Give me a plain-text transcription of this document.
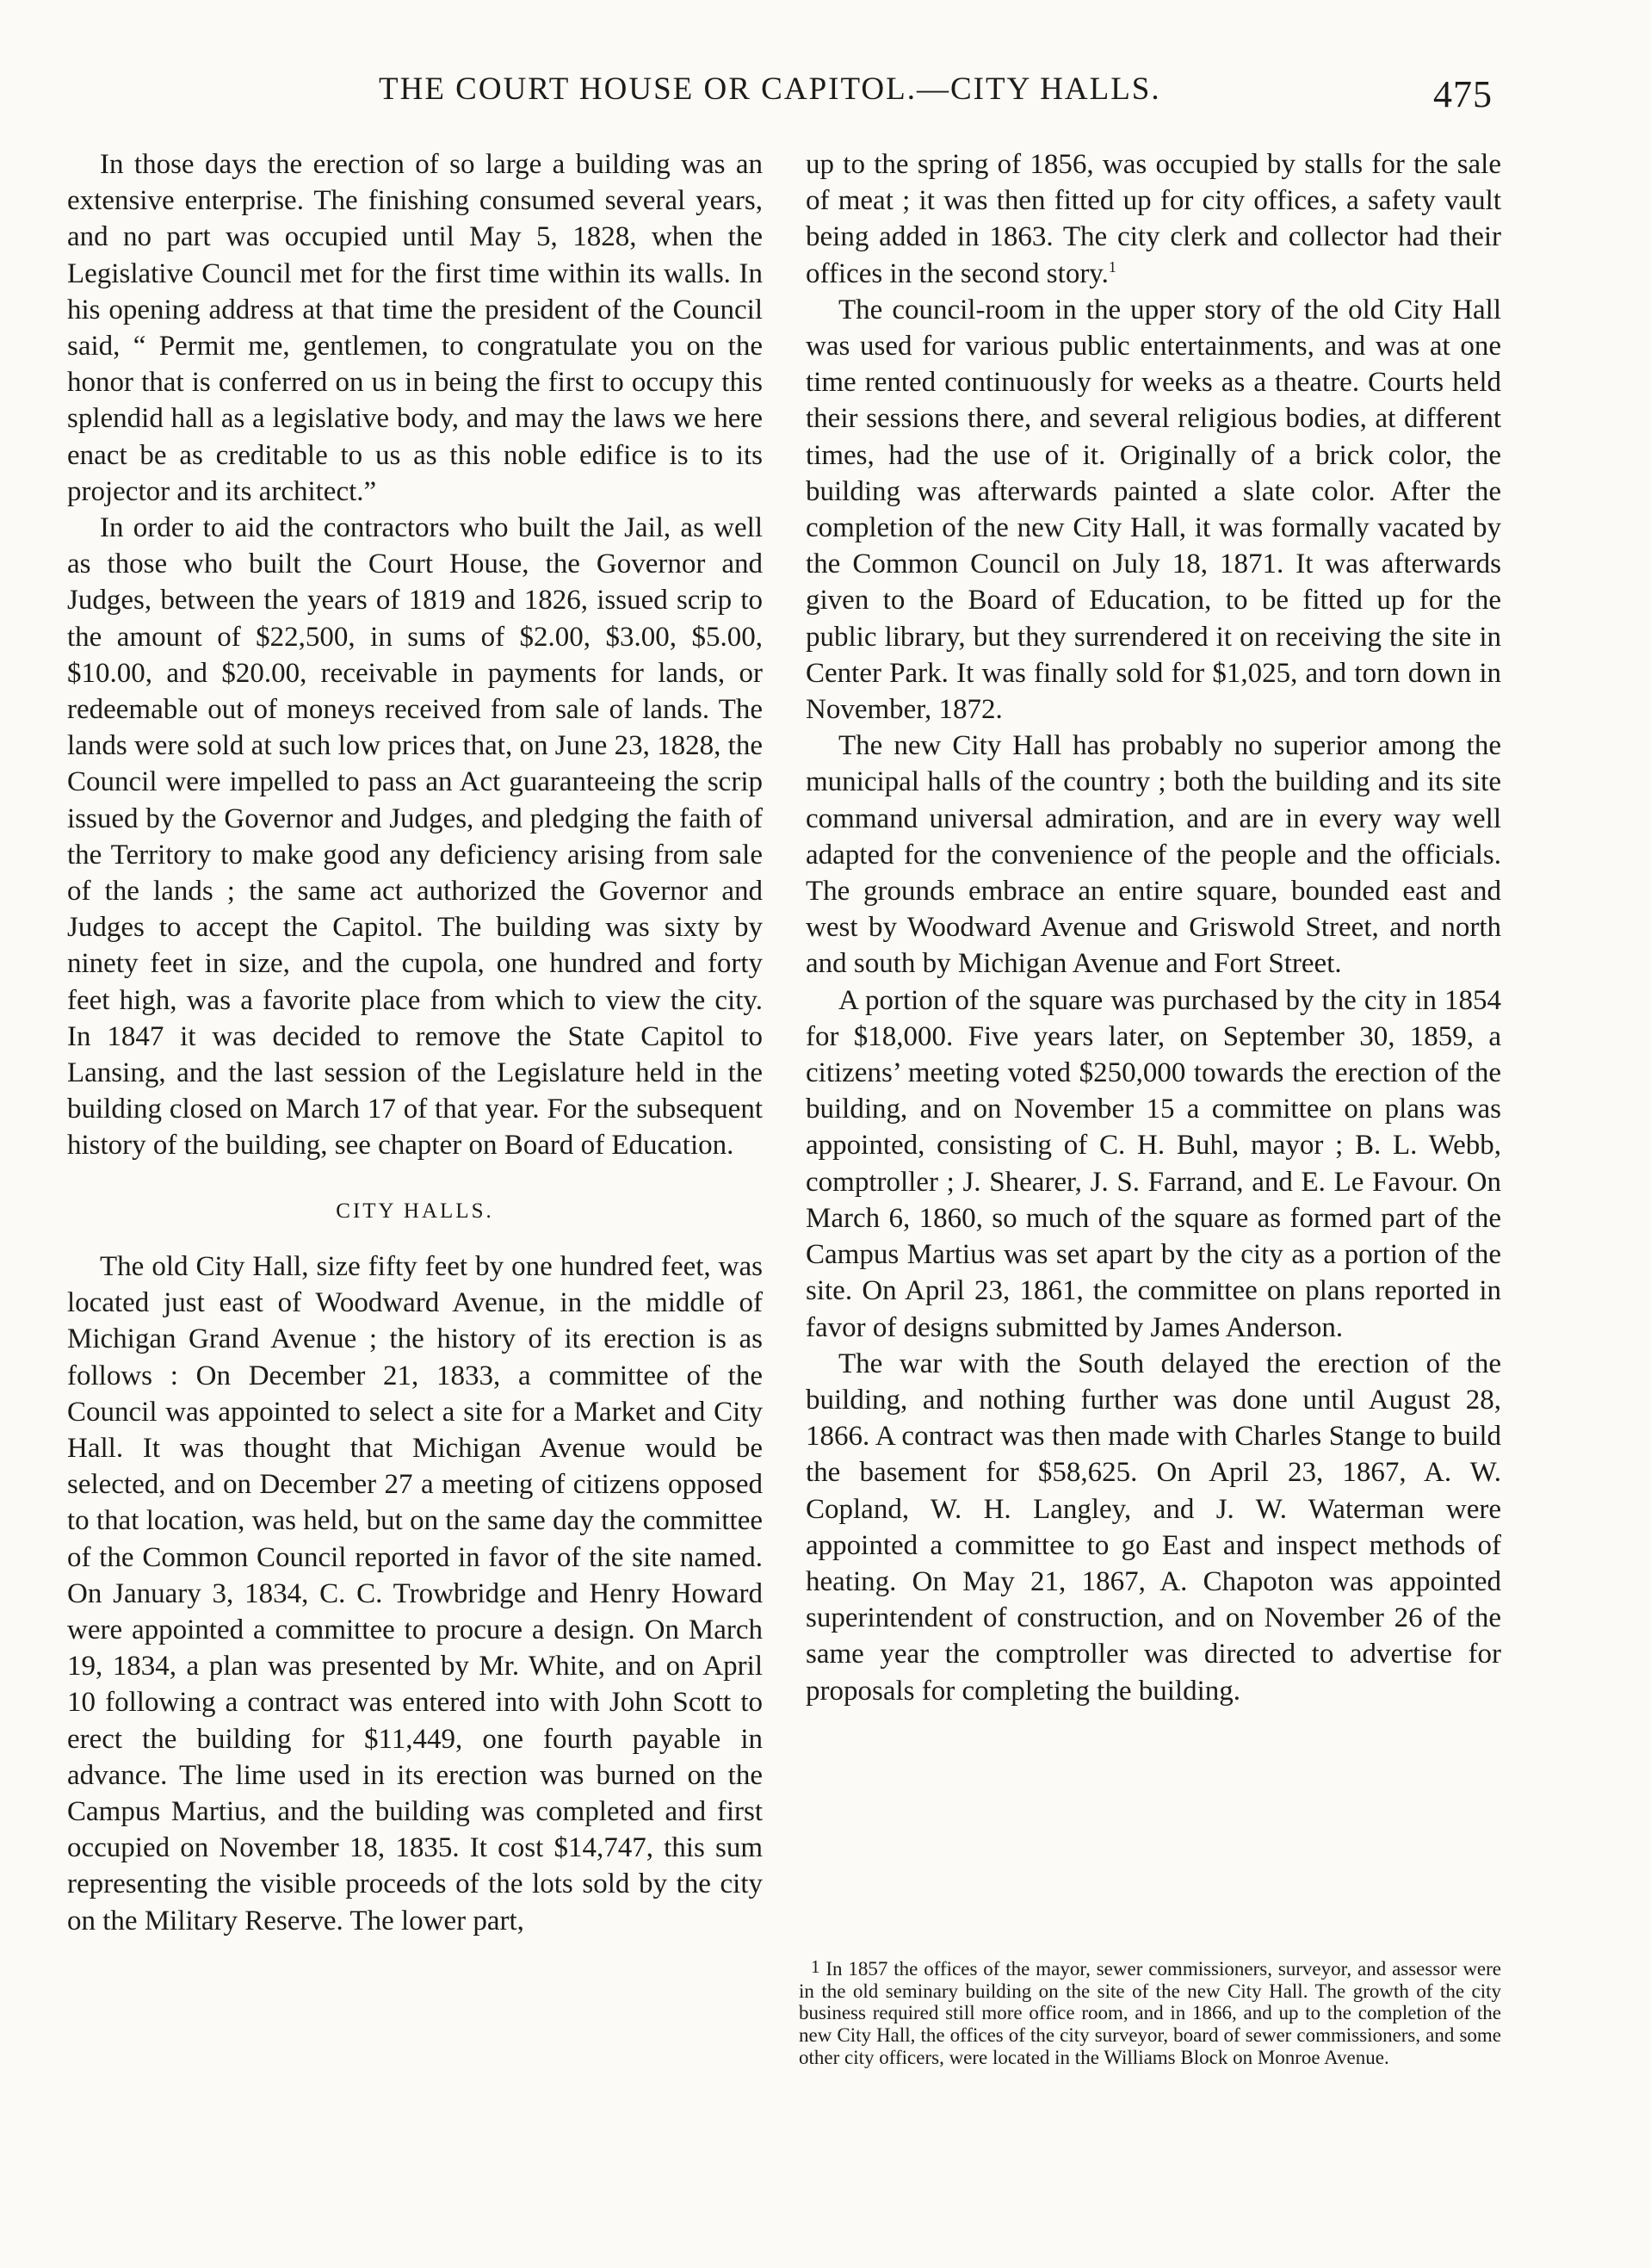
THE COURT HOUSE OR CAPITOL.—CITY HALLS.	475

In those days the erection of so large a building was an extensive enterprise. The finishing consumed several years, and no part was occupied until May 5, 1828, when the Legislative Council met for the first time within its walls. In his opening address at that time the president of the Council said, “ Permit me, gentlemen, to congratulate you on the honor that is conferred on us in being the first to occupy this splendid hall as a legislative body, and may the laws we here enact be as creditable to us as this noble edifice is to its projector and its architect.”

In order to aid the contractors who built the Jail, as well as those who built the Court House, the Governor and Judges, between the years of 1819 and 1826, issued scrip to the amount of $22,500, in sums of $2.00, $3.00, $5.00, $10.00, and $20.00, receivable in payments for lands, or redeemable out of moneys received from sale of lands. The lands were sold at such low prices that, on June 23, 1828, the Council were impelled to pass an Act guaranteeing the scrip issued by the Governor and Judges, and pledging the faith of the Territory to make good any deficiency arising from sale of the lands ; the same act authorized the Governor and Judges to accept the Capitol. The building was sixty by ninety feet in size, and the cupola, one hundred and forty feet high, was a favorite place from which to view the city. In 1847 it was decided to remove the State Capitol to Lansing, and the last session of the Legislature held in the building closed on March 17 of that year. For the subsequent history of the building, see chapter on Board of Education.

CITY HALLS.

The old City Hall, size fifty feet by one hundred feet, was located just east of Woodward Avenue, in the middle of Michigan Grand Avenue ; the history of its erection is as follows : On December 21, 1833, a committee of the Council was appointed to select a site for a Market and City Hall. It was thought that Michigan Avenue would be selected, and on December 27 a meeting of citizens opposed to that location, was held, but on the same day the committee of the Common Council reported in favor of the site named. On January 3, 1834, C. C. Trowbridge and Henry Howard were appointed a committee to procure a design. On March 19, 1834, a plan was presented by Mr. White, and on April 10 following a contract was entered into with John Scott to erect the building for $11,449, one fourth payable in advance. The lime used in its erection was burned on the Campus Martius, and the building was completed and first occupied on November 18, 1835. It cost $14,747, this sum representing the visible proceeds of the lots sold by the city on the Military Reserve. The lower part,

up to the spring of 1856, was occupied by stalls for the sale of meat ; it was then fitted up for city offices, a safety vault being added in 1863. The city clerk and collector had their offices in the second story.$^1$

The council-room in the upper story of the old City Hall was used for various public entertainments, and was at one time rented continuously for weeks as a theatre. Courts held their sessions there, and several religious bodies, at different times, had the use of it. Originally of a brick color, the building was afterwards painted a slate color. After the completion of the new City Hall, it was formally vacated by the Common Council on July 18, 1871. It was afterwards given to the Board of Education, to be fitted up for the public library, but they surrendered it on receiving the site in Center Park. It was finally sold for $1,025, and torn down in November, 1872.

The new City Hall has probably no superior among the municipal halls of the country ; both the building and its site command universal admiration, and are in every way well adapted for the convenience of the people and the officials. The grounds embrace an entire square, bounded east and west by Woodward Avenue and Griswold Street, and north and south by Michigan Avenue and Fort Street.

A portion of the square was purchased by the city in 1854 for $18,000. Five years later, on September 30, 1859, a citizens’ meeting voted $250,000 towards the erection of the building, and on November 15 a committee on plans was appointed, consisting of C. H. Buhl, mayor ; B. L. Webb, comptroller ; J. Shearer, J. S. Farrand, and E. Le Favour. On March 6, 1860, so much of the square as formed part of the Campus Martius was set apart by the city as a portion of the site. On April 23, 1861, the committee on plans reported in favor of designs submitted by James Anderson.

The war with the South delayed the erection of the building, and nothing further was done until August 28, 1866. A contract was then made with Charles Stange to build the basement for $58,625. On April 23, 1867, A. W. Copland, W. H. Langley, and J. W. Waterman were appointed a committee to go East and inspect methods of heating. On May 21, 1867, A. Chapoton was appointed superintendent of construction, and on November 26 of the same year the comptroller was directed to advertise for proposals for completing the building.

1 In 1857 the offices of the mayor, sewer commissioners, surveyor, and assessor were in the old seminary building on the site of the new City Hall. The growth of the city business required still more office room, and in 1866, and up to the completion of the new City Hall, the offices of the city surveyor, board of sewer commissioners, and some other city officers, were located in the Williams Block on Monroe Avenue.
